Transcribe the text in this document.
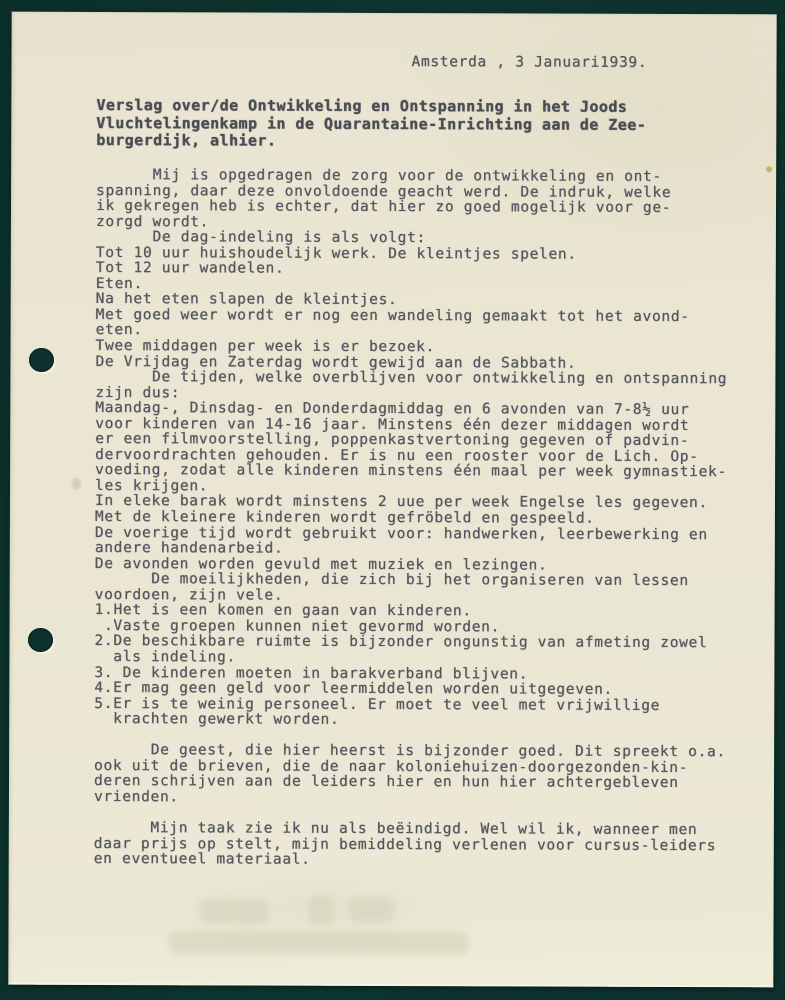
Amsterda , 3 Januari1939.
Verslag over/de Ontwikkeling en Ontspanning in het Joods
Vluchtelingenkamp in de Quarantaine-Inrichting aan de Zee-
burgerdijk, alhier.
Mij is opgedragen de zorg voor de ontwikkeling en ont-
spanning, daar deze onvoldoende geacht werd. De indruk, welke
ik gekregen heb is echter, dat hier zo goed mogelijk voor ge-
zorgd wordt.
De dag-indeling is als volgt:
Tot 10 uur huishoudelijk werk. De kleintjes spelen.
Tot 12 uur wandelen.
Eten.
Na het eten slapen de kleintjes.
Met goed weer wordt er nog een wandeling gemaakt tot het avond-
eten.
Twee middagen per week is er bezoek.
De Vrijdag en Zaterdag wordt gewijd aan de Sabbath.
De tijden, welke overblijven voor ontwikkeling en ontspanning
zijn dus:
Maandag-, Dinsdag- en Donderdagmiddag en 6 avonden van 7-8½ uur
voor kinderen van 14-16 jaar. Minstens één dezer middagen wordt
er een filmvoorstelling, poppenkastvertoning gegeven of padvin-
dervoordrachten gehouden. Er is nu een rooster voor de Lich. Op-
voeding, zodat alle kinderen minstens één maal per week gymnastiek-
les krijgen.
In eleke barak wordt minstens 2 uue per week Engelse les gegeven.
Met de kleinere kinderen wordt gefröbeld en gespeeld.
De voerige tijd wordt gebruikt voor: handwerken, leerbewerking en
andere handenarbeid.
De avonden worden gevuld met muziek en lezingen.
De moeilijkheden, die zich bij het organiseren van lessen
voordoen, zijn vele.
1.Het is een komen en gaan van kinderen.
.Vaste groepen kunnen niet gevormd worden.
2.De beschikbare ruimte is bijzonder ongunstig van afmeting zowel
als indeling.
3. De kinderen moeten in barakverband blijven.
4.Er mag geen geld voor leermiddelen worden uitgegeven.
5.Er is te weinig personeel. Er moet te veel met vrijwillige
krachten gewerkt worden.
De geest, die hier heerst is bijzonder goed. Dit spreekt o.a.
ook uit de brieven, die de naar koloniehuizen-doorgezonden-kin-
deren schrijven aan de leiders hier en hun hier achtergebleven
vrienden.
Mijn taak zie ik nu als beëindigd. Wel wil ik, wanneer men
daar prijs op stelt, mijn bemiddeling verlenen voor cursus-leiders
en eventueel materiaal.
